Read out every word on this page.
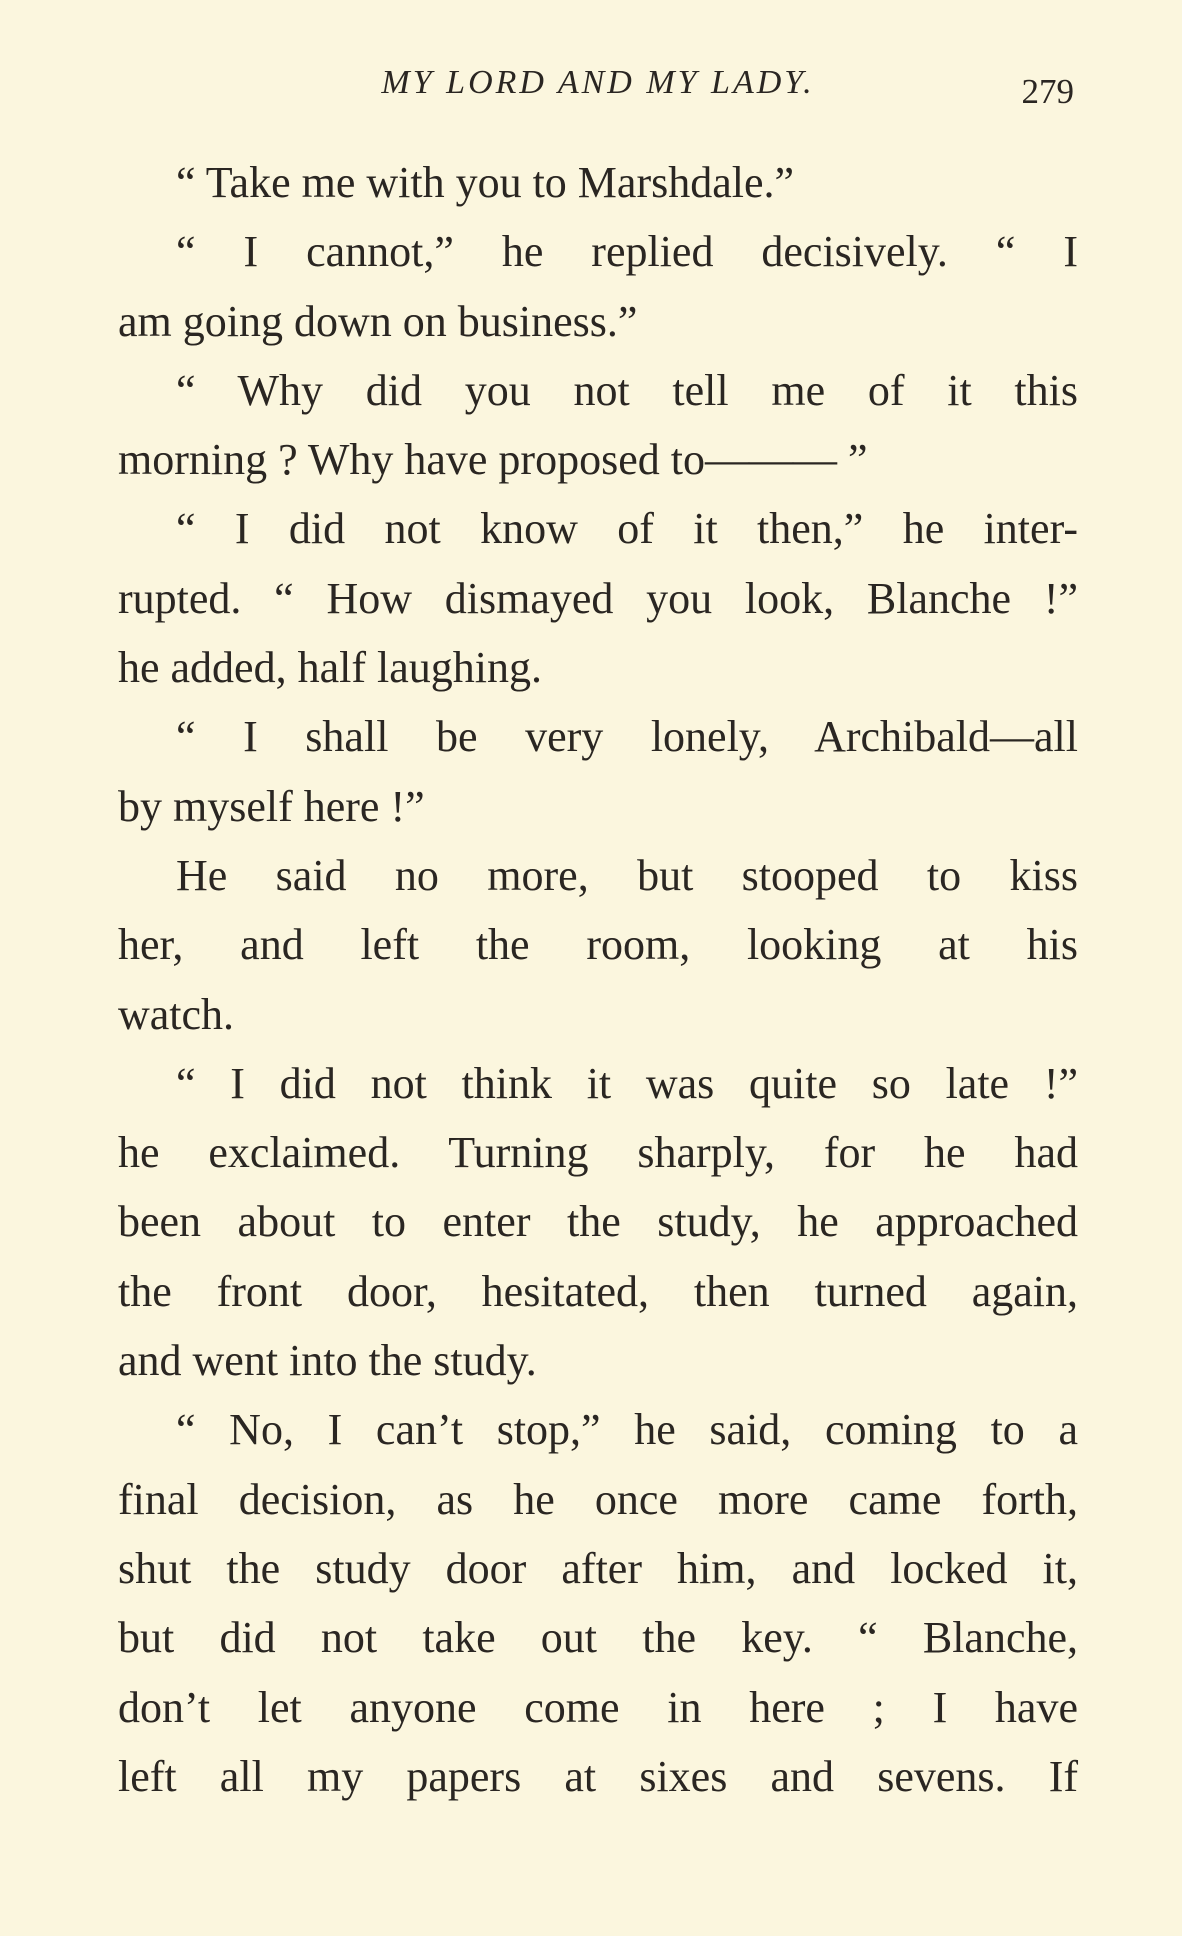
MY LORD AND MY LADY.	279
“ Take me with you to Marshdale.”
“ I cannot,” he replied decisively. “ I
am going down on business.”
“ Why did you not tell me of it this
morning ? Why have proposed to——— ”
“ I did not know of it then,” he inter-
rupted. “ How dismayed you look, Blanche !”
he added, half laughing.
“ I shall be very lonely, Archibald—all
by myself here !”
He said no more, but stooped to kiss
her, and left the room, looking at his
watch.
“ I did not think it was quite so late !”
he exclaimed. Turning sharply, for he had
been about to enter the study, he approached
the front door, hesitated, then turned again,
and went into the study.
“ No, I can’t stop,” he said, coming to a
final decision, as he once more came forth,
shut the study door after him, and locked it,
but did not take out the key. “ Blanche,
don’t let anyone come in here ; I have
left all my papers at sixes and sevens. If
